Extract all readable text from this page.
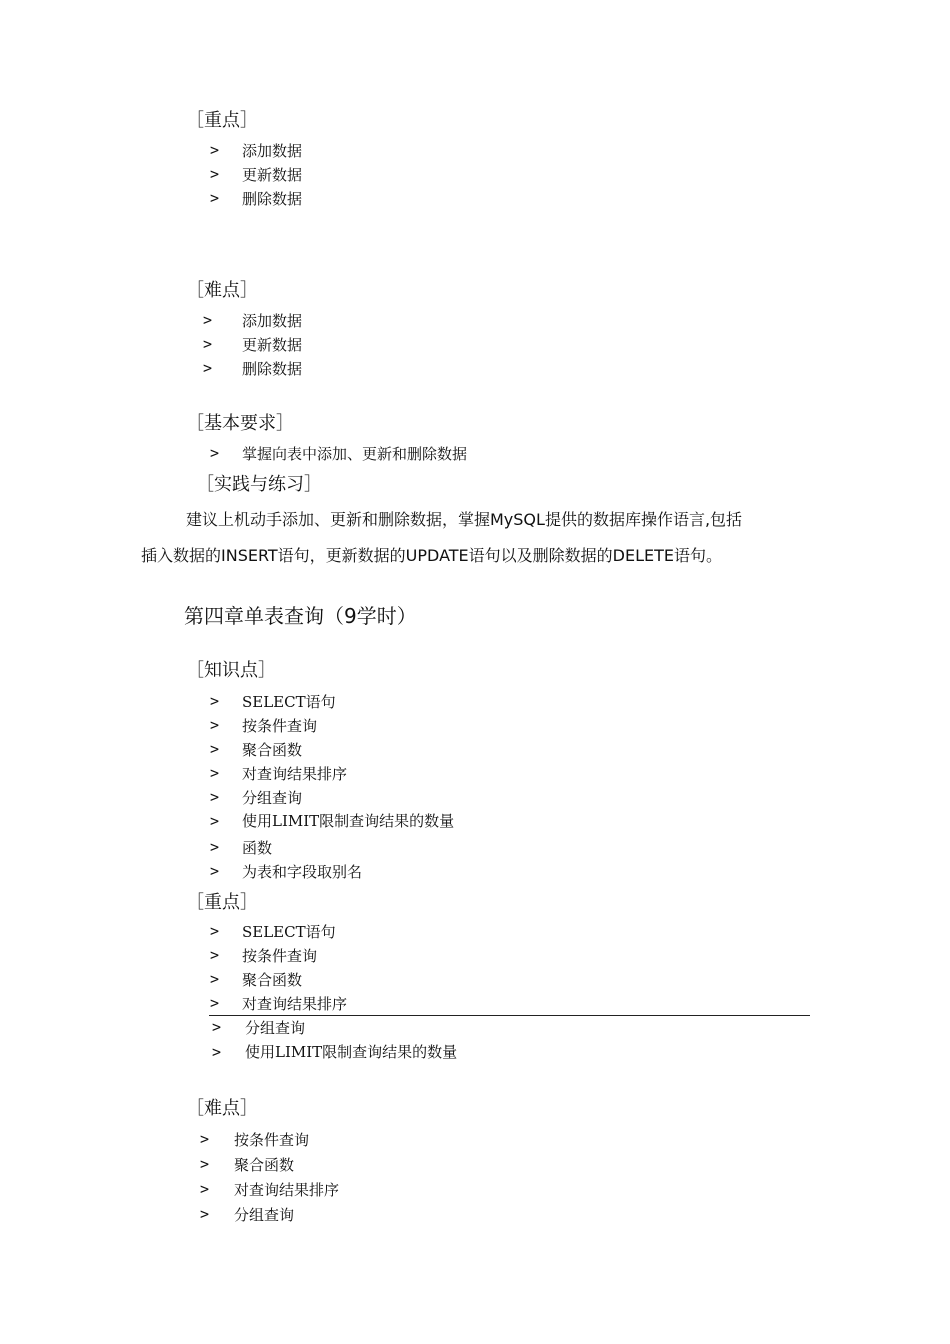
［重点］
> 添加数据
> 更新数据
> 删除数据
［难点］
> 添加数据
> 更新数据
> 删除数据
［基本要求］
> 掌握向表中添加、更新和删除数据
［实践与练习］
建议上机动手添加、更新和删除数据，掌握MySQL提供的数据库操作语言,包括
插入数据的INSERT语句，更新数据的UPDATE语句以及删除数据的DELETE语句。
第四章单表查询（9学时）
［知识点］
> SELECT语句
> 按条件查询
> 聚合函数
> 对查询结果排序
> 分组查询
> 使用LIMIT限制查询结果的数量
> 函数
> 为表和字段取别名
［重点］
> SELECT语句
> 按条件查询
> 聚合函数
> 对查询结果排序
> 分组查询
> 使用LIMIT限制查询结果的数量
［难点］
> 按条件查询
> 聚合函数
> 对查询结果排序
> 分组查询
